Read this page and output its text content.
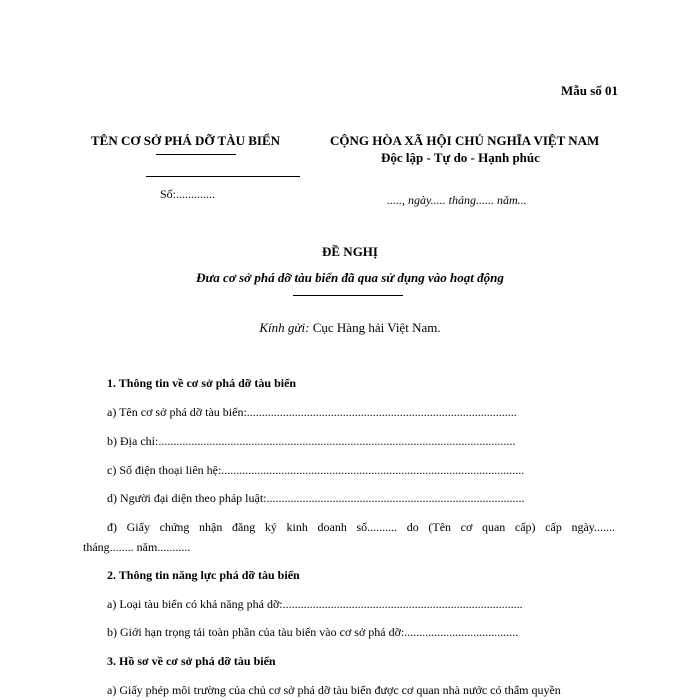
Mẫu số 01
TÊN CƠ SỞ PHÁ DỠ TÀU BIỂN
Số:.............
CỘNG HÒA XÃ HỘI CHỦ NGHĨA VIỆT NAM
Độc lập - Tự do - Hạnh phúc
....., ngày..... tháng...... năm...
ĐỀ NGHỊ
Đưa cơ sở phá dỡ tàu biển đã qua sử dụng vào hoạt động
Kính gửi: Cục Hàng hải Việt Nam.
1. Thông tin về cơ sở phá dỡ tàu biển
a) Tên cơ sở phá dỡ tàu biển:..........................................................................................
b) Địa chỉ:.......................................................................................................................
c) Số điện thoại liên hệ:.....................................................................................................
d) Người đại diện theo pháp luật:......................................................................................
đ) Giấy chứng nhận đăng ký kinh doanh số.......... do (Tên cơ quan cấp) cấp ngày.......
tháng........ năm...........
2. Thông tin năng lực phá dỡ tàu biển
a) Loại tàu biển có khả năng phá dỡ:................................................................................
b) Giới hạn trọng tải toàn phần của tàu biển vào cơ sở phá dỡ:......................................
3. Hồ sơ về cơ sở phá dỡ tàu biển
a) Giấy phép môi trường của chủ cơ sở phá dỡ tàu biển được cơ quan nhà nước có thẩm quyền
